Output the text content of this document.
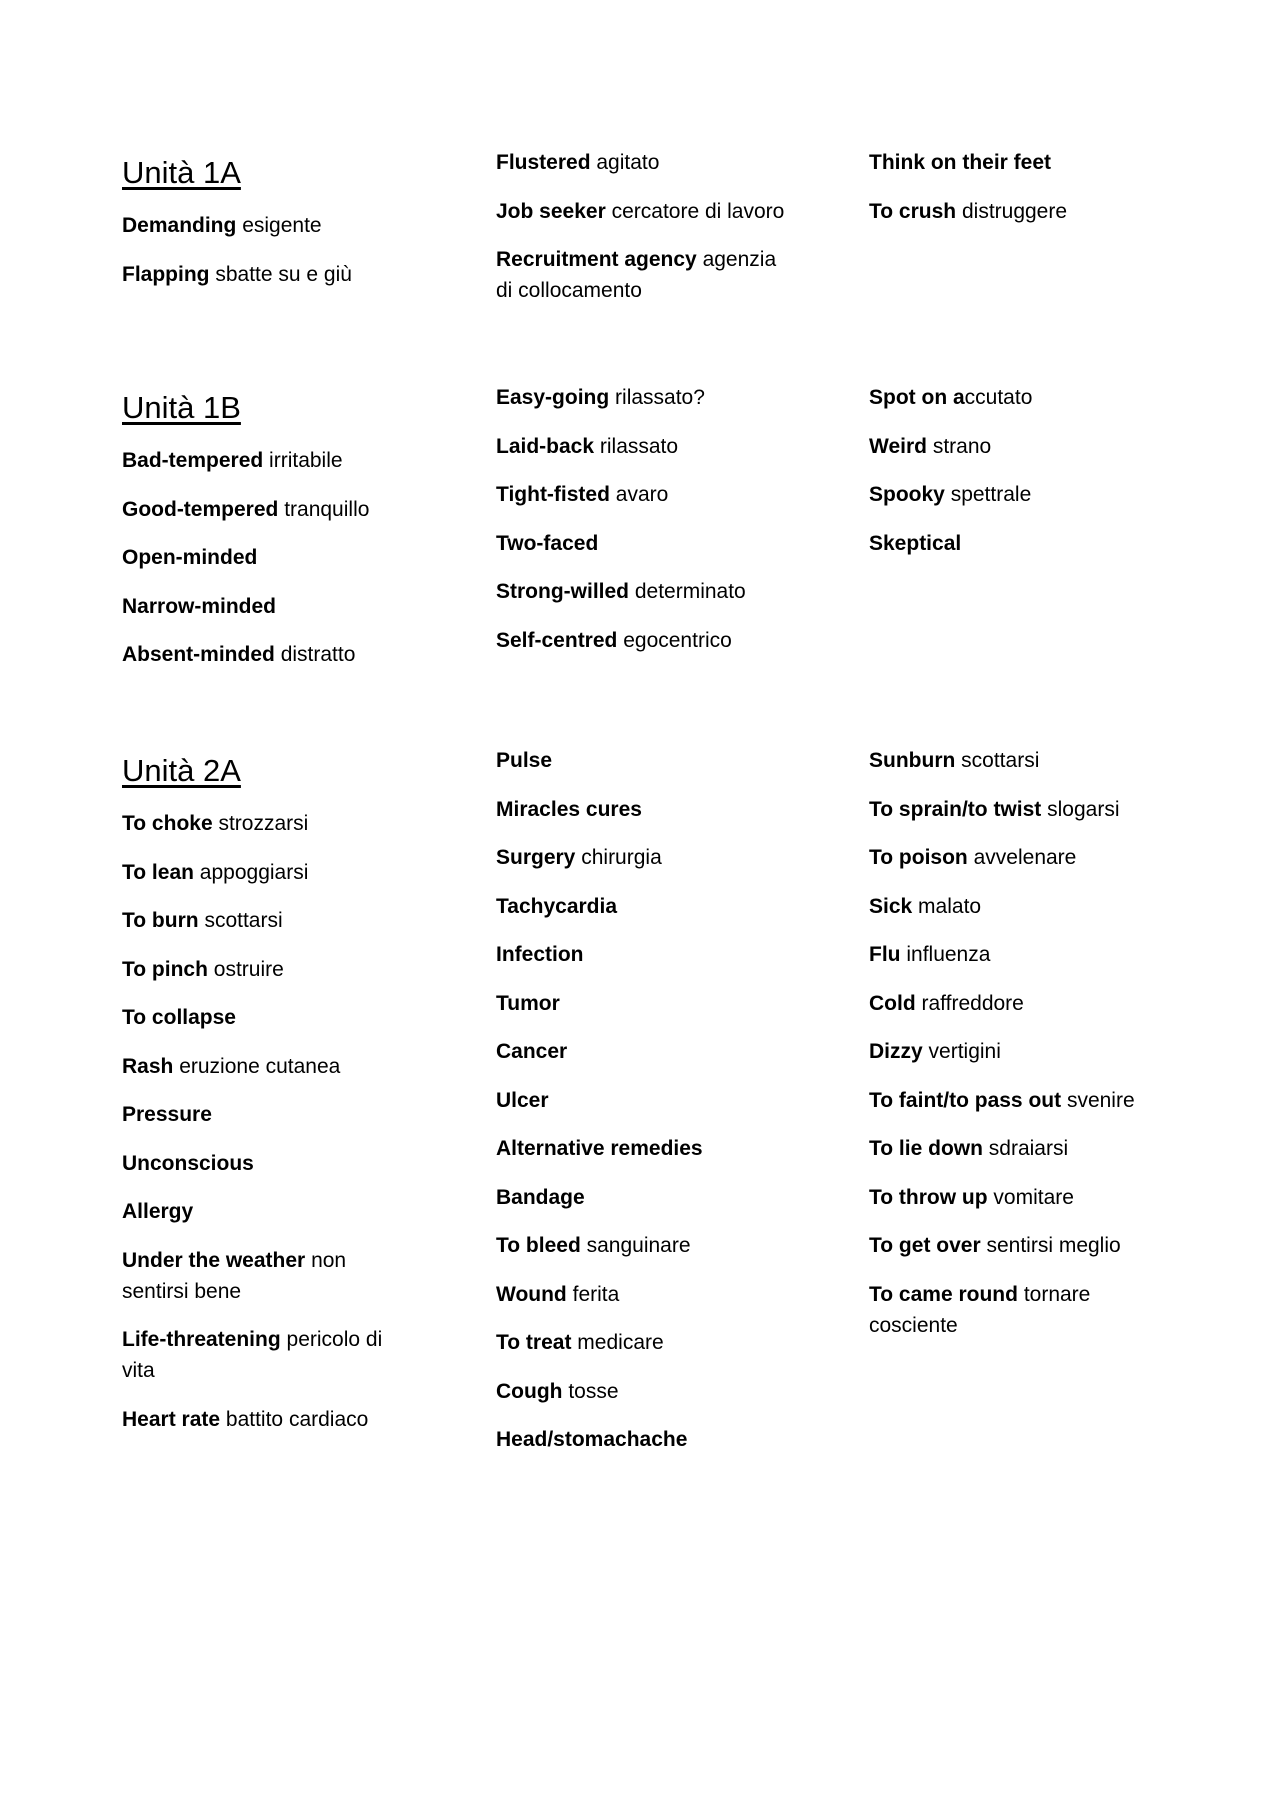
Unità 1A
Demanding esigente
Flapping sbatte su e giù
Flustered agitato
Job seeker cercatore di lavoro
Recruitment agency agenzia di collocamento
Think on their feet
To crush distruggere
Unità 1B
Bad-tempered irritabile
Good-tempered tranquillo
Open-minded
Narrow-minded
Absent-minded distratto
Easy-going rilassato?
Laid-back rilassato
Tight-fisted avaro
Two-faced
Strong-willed determinato
Self-centred egocentrico
Spot on accutato
Weird strano
Spooky spettrale
Skeptical
Unità 2A
To choke strozzarsi
To lean appoggiarsi
To burn scottarsi
To pinch ostruire
To collapse
Rash eruzione cutanea
Pressure
Unconscious
Allergy
Under the weather non sentirsi bene
Life-threatening pericolo di vita
Heart rate battito cardiaco
Pulse
Miracles cures
Surgery chirurgia
Tachycardia
Infection
Tumor
Cancer
Ulcer
Alternative remedies
Bandage
To bleed sanguinare
Wound ferita
To treat medicare
Cough tosse
Head/stomachache
Sunburn scottarsi
To sprain/to twist slogarsi
To poison avvelenare
Sick malato
Flu influenza
Cold raffreddore
Dizzy vertigini
To faint/to pass out svenire
To lie down sdraiarsi
To throw up vomitare
To get over sentirsi meglio
To came round tornare cosciente
